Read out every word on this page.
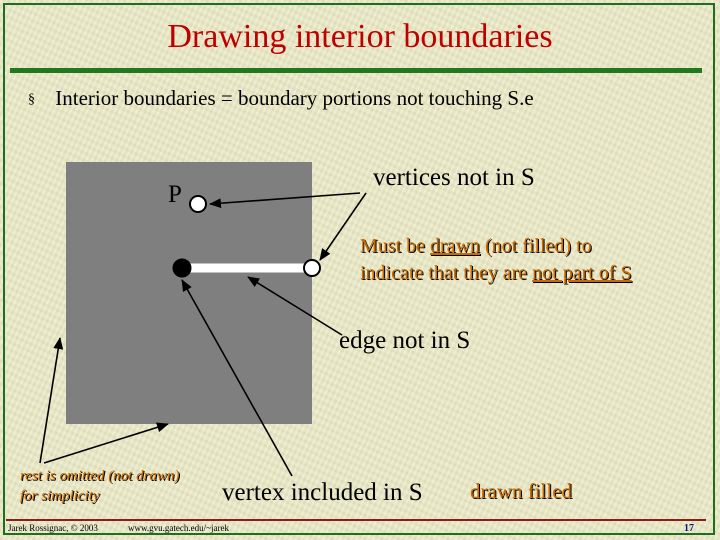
Drawing interior boundaries
§ Interior boundaries = boundary portions not touching S.e
P
vertices not in S
Must be drawn (not filled) to
indicate that they are not part of S
edge not in S
rest is omitted (not drawn) for simplicity	vertex included in S drawn filled
Jarek Rossignac, © 2003	www.gvu.gatech.edu/~jarek	17
